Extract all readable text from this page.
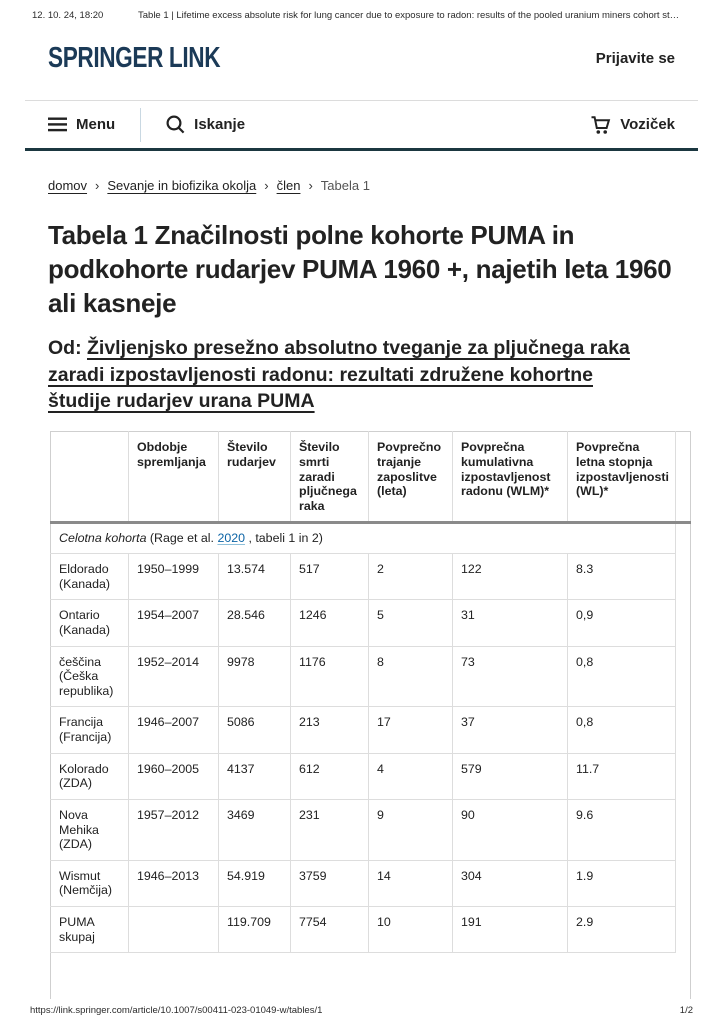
12. 10. 24, 18:20	Table 1 | Lifetime excess absolute risk for lung cancer due to exposure to radon: results of the pooled uranium miners cohort st…
SPRINGER LINK	Prijavite se
Menu	Iskanje	Voziček
domov › Sevanje in biofizika okolja › člen › Tabela 1
Tabela 1 Značilnosti polne kohorte PUMA in podkohorte rudarjev PUMA 1960 +, najetih leta 1960 ali kasneje
Od: Življenjsko presežno absolutno tveganje za pljučnega raka zaradi izpostavljenosti radonu: rezultati združene kohortne študije rudarjev urana PUMA
	Obdobje spremljanja	Število rudarjev	Število smrti zaradi pljučnega raka	Povprečno trajanje zaposlitve (leta)	Povprečna kumulativna izpostavljenost radonu (WLM)*	Povprečna letna stopnja izpostavljenosti (WL)*	
Celotna kohorta (Rage et al. 2020 , tabeli 1 in 2)							
Eldorado (Kanada)	1950–1999	13.574	517	2	122	8.3	
Ontario (Kanada)	1954–2007	28.546	1246	5	31	0,9	
češčina (Češka republika)	1952–2014	9978	1176	8	73	0,8	
Francija (Francija)	1946–2007	5086	213	17	37	0,8	
Kolorado (ZDA)	1960–2005	4137	612	4	579	11.7	
Nova Mehika (ZDA)	1957–2012	3469	231	9	90	9.6	
Wismut (Nemčija)	1946–2013	54.919	3759	14	304	1.9	
PUMA skupaj		119.709	7754	10	191	2.9	

https://link.springer.com/article/10.1007/s00411-023-01049-w/tables/1	1/2
